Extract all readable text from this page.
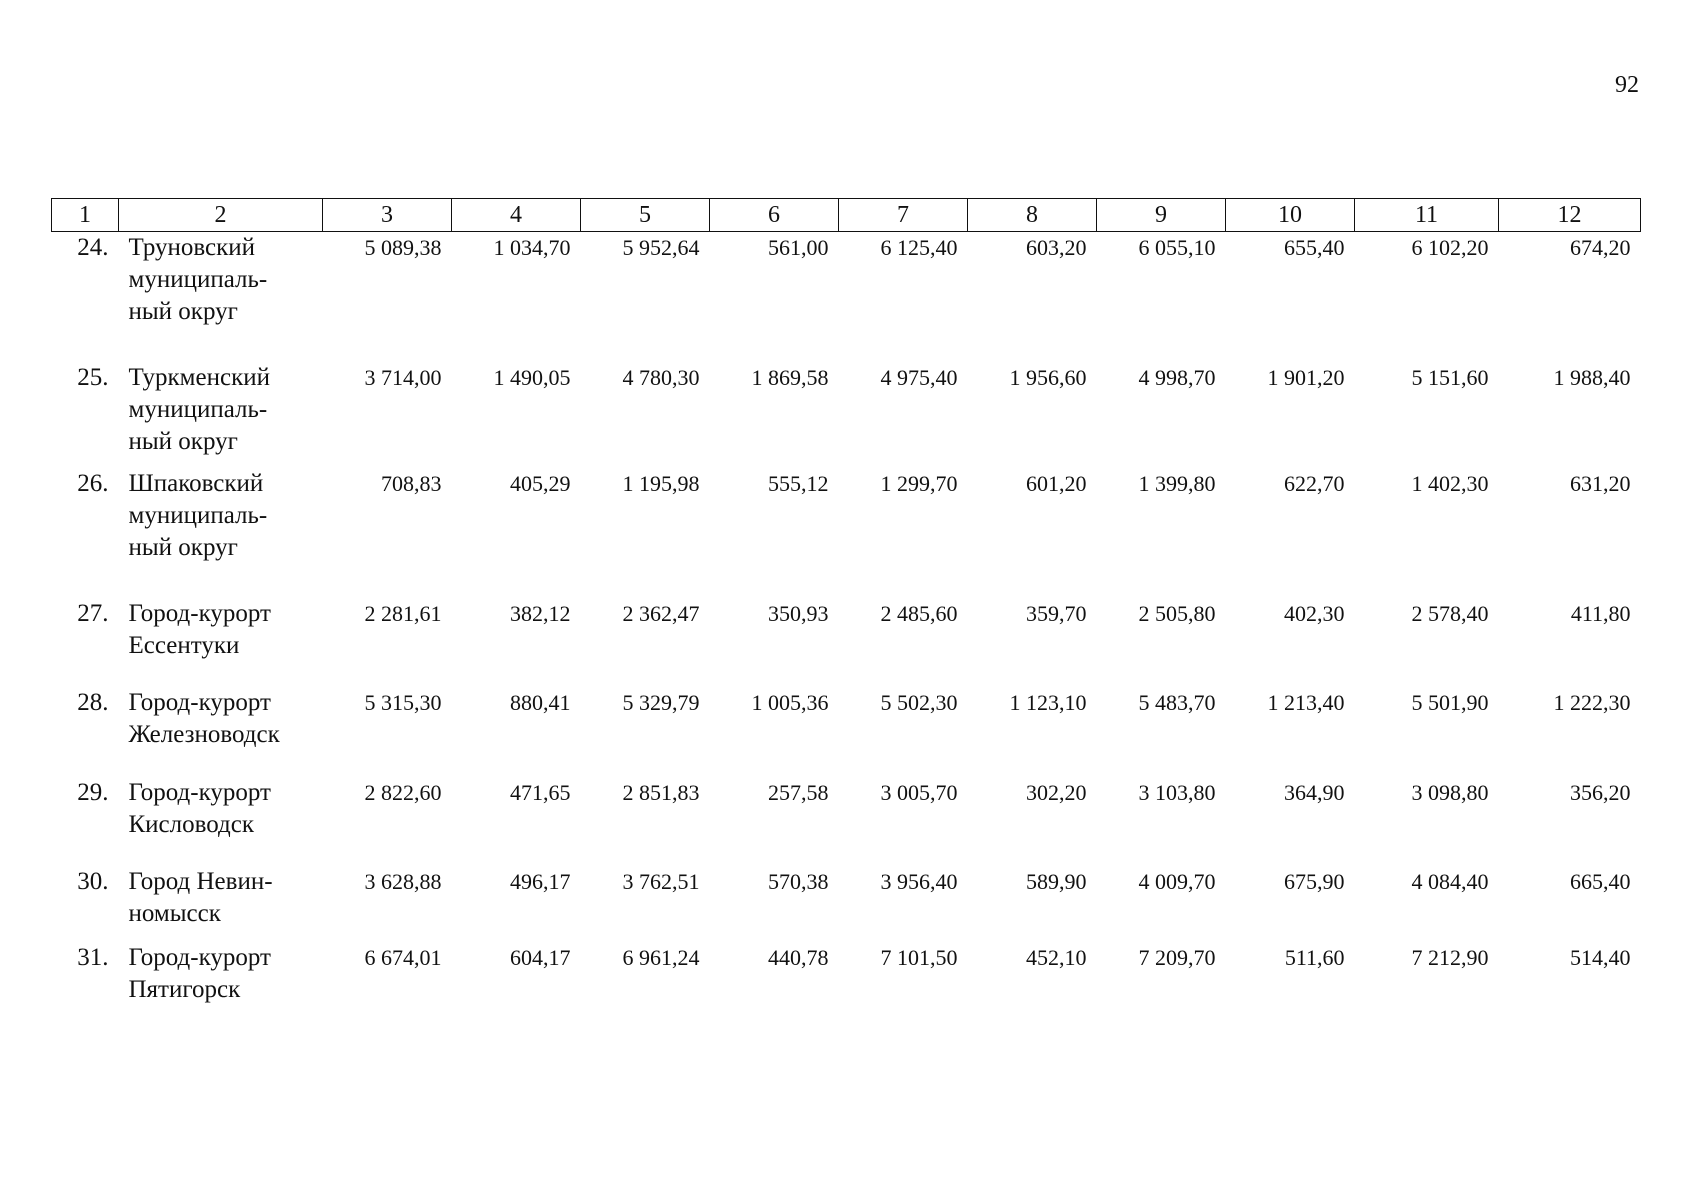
92
1	2	3	4	5	6	7	8	9	10	11	12
24.	Труновский
муниципаль-
ный округ	5 089,38	1 034,70	5 952,64	561,00	6 125,40	603,20	6 055,10	655,40	6 102,20	674,20
25.	Туркменский
муниципаль-
ный округ	3 714,00	1 490,05	4 780,30	1 869,58	4 975,40	1 956,60	4 998,70	1 901,20	5 151,60	1 988,40
26.	Шпаковский
муниципаль-
ный округ	708,83	405,29	1 195,98	555,12	1 299,70	601,20	1 399,80	622,70	1 402,30	631,20
27.	Город-курорт
Ессентуки	2 281,61	382,12	2 362,47	350,93	2 485,60	359,70	2 505,80	402,30	2 578,40	411,80
28.	Город-курорт
Железноводск	5 315,30	880,41	5 329,79	1 005,36	5 502,30	1 123,10	5 483,70	1 213,40	5 501,90	1 222,30
29.	Город-курорт
Кисловодск	2 822,60	471,65	2 851,83	257,58	3 005,70	302,20	3 103,80	364,90	3 098,80	356,20
30.	Город Невин-
номысск	3 628,88	496,17	3 762,51	570,38	3 956,40	589,90	4 009,70	675,90	4 084,40	665,40
31.	Город-курорт
Пятигорск	6 674,01	604,17	6 961,24	440,78	7 101,50	452,10	7 209,70	511,60	7 212,90	514,40
